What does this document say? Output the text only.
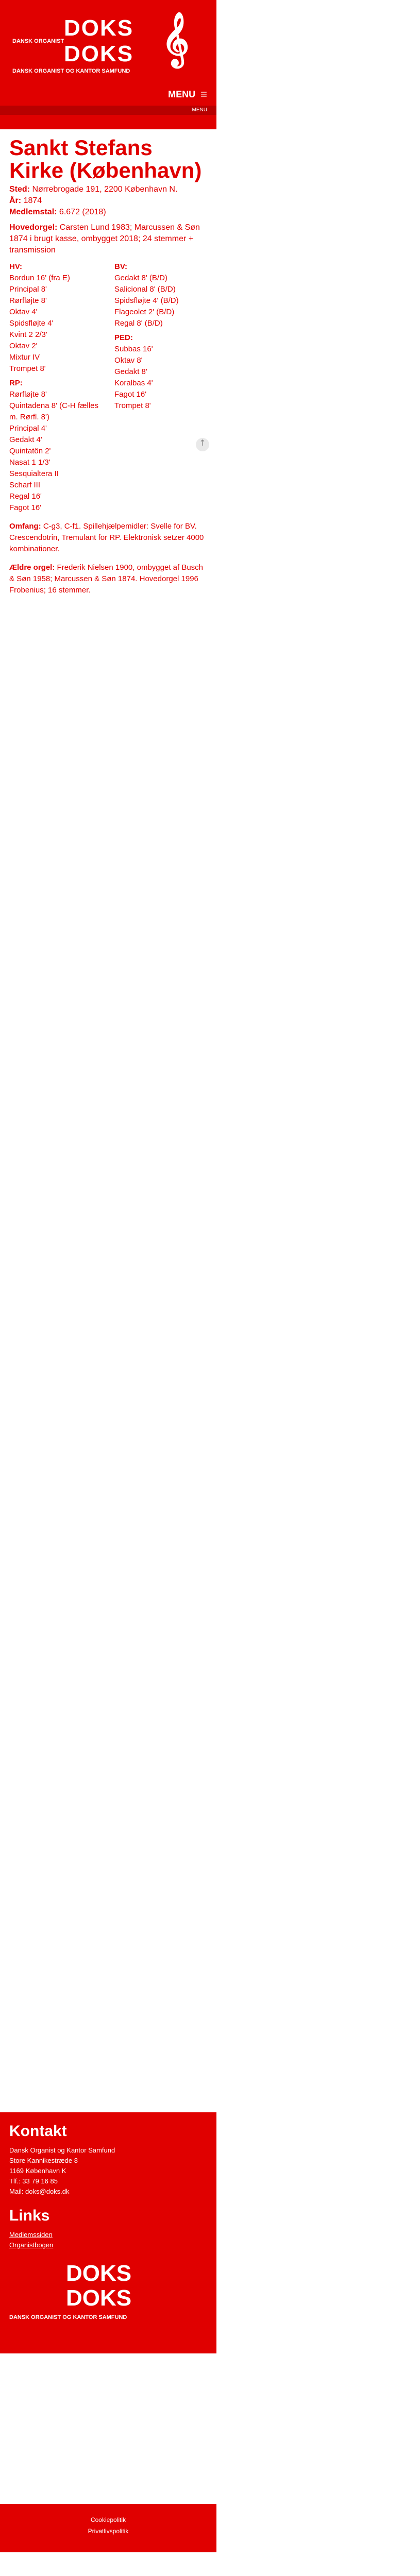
DANSK ORGANIST
DOKS
DOKS
DANSK ORGANIST OG KANTOR SAMFUND
𝄞
MENU ≡
MENU
Sankt Stefans Kirke (København)
Sted: Nørrebrogade 191, 2200 København N.
År: 1874
Medlemstal: 6.672 (2018)
Hovedorgel: Carsten Lund 1983; Marcussen & Søn 1874 i brugt kasse, ombygget 2018; 24 stemmer + transmission
HV:
Bordun 16' (fra E)
Principal 8'
Rørfløjte 8'
Oktav 4'
Spidsfløjte 4'
Kvint 2 2/3'
Oktav 2'
Mixtur IV
Trompet 8'
RP:
Rørfløjte 8'
Quintadena 8' (C-H fælles m. Rørfl. 8')
Principal 4'
Gedakt 4'
Quintatön 2'
Nasat 1 1/3'
Sesquialtera II
Scharf III
Regal 16'
Fagot 16'
BV:
Gedakt 8' (B/D)
Salicional 8' (B/D)
Spidsfløjte 4' (B/D)
Flageolet 2' (B/D)
Regal 8' (B/D)
PED:
Subbas 16'
Oktav 8'
Gedakt 8'
Koralbas 4'
Fagot 16'
Trompet 8'
Omfang: C-g3, C-f1. Spillehjælpemidler: Svelle for BV. Crescendotrin, Tremulant for RP. Elektronisk setzer 4000 kombinationer.
Ældre orgel: Frederik Nielsen 1900, ombygget af Busch & Søn 1958; Marcussen & Søn 1874. Hovedorgel 1996 Frobenius; 16 stemmer.
↑
Kontakt
Dansk Organist og Kantor Samfund
Store Kannikestræde 8
1169 København K
Tlf.: 33 79 16 85
Mail: doks@doks.dk
Links
Medlemssiden
Organistbogen
DOKS
DOKS
DANSK ORGANIST OG KANTOR SAMFUND
Cookiepolitik
Privatlivspolitik
